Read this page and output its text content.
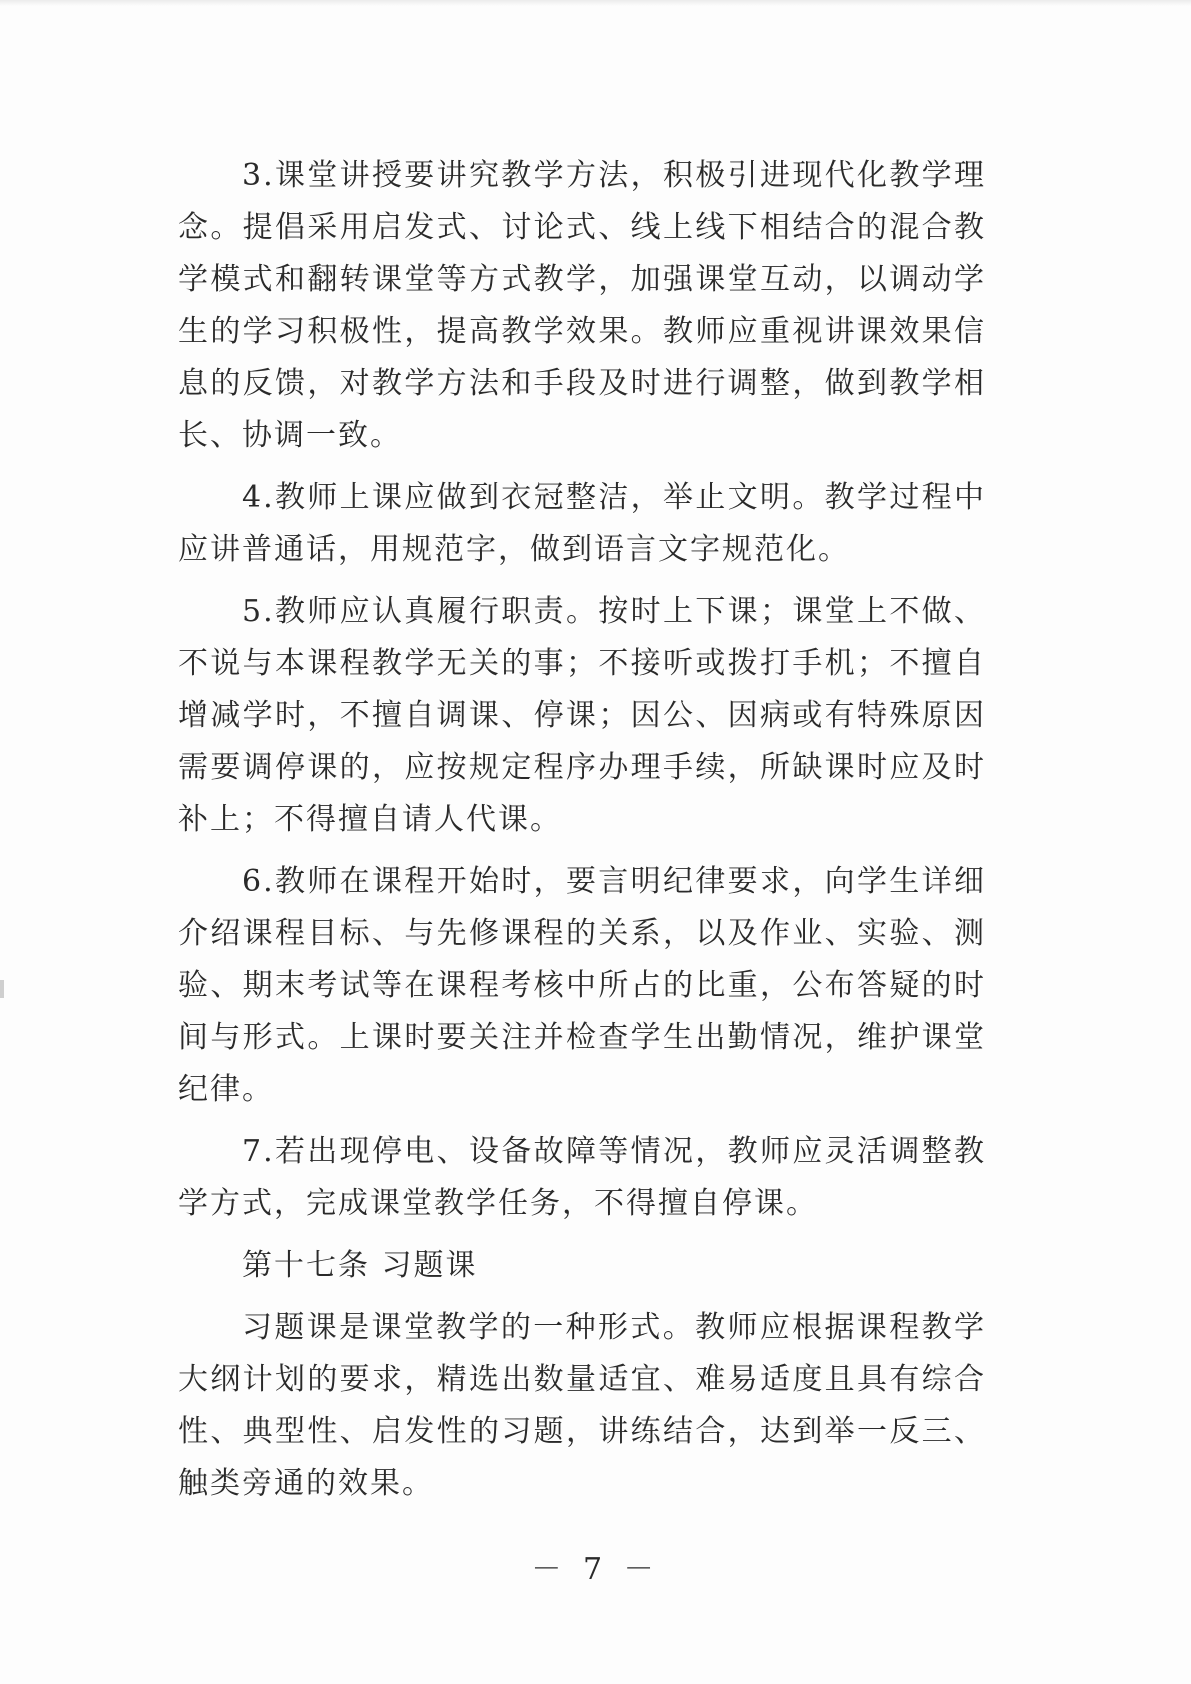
3.课堂讲授要讲究教学方法，积极引进现代化教学理念。提倡采用启发式、讨论式、线上线下相结合的混合教学模式和翻转课堂等方式教学，加强课堂互动，以调动学生的学习积极性，提高教学效果。教师应重视讲课效果信息的反馈，对教学方法和手段及时进行调整，做到教学相长、协调一致。

4.教师上课应做到衣冠整洁，举止文明。教学过程中应讲普通话，用规范字，做到语言文字规范化。

5.教师应认真履行职责。按时上下课；课堂上不做、不说与本课程教学无关的事；不接听或拨打手机；不擅自增减学时，不擅自调课、停课；因公、因病或有特殊原因需要调停课的，应按规定程序办理手续，所缺课时应及时补上；不得擅自请人代课。

6.教师在课程开始时，要言明纪律要求，向学生详细介绍课程目标、与先修课程的关系，以及作业、实验、测验、期末考试等在课程考核中所占的比重，公布答疑的时间与形式。上课时要关注并检查学生出勤情况，维护课堂纪律。

7.若出现停电、设备故障等情况，教师应灵活调整教学方式，完成课堂教学任务，不得擅自停课。

第十七条 习题课

习题课是课堂教学的一种形式。教师应根据课程教学大纲计划的要求，精选出数量适宜、难易适度且具有综合性、典型性、启发性的习题，讲练结合，达到举一反三、触类旁通的效果。

－ 7 －
